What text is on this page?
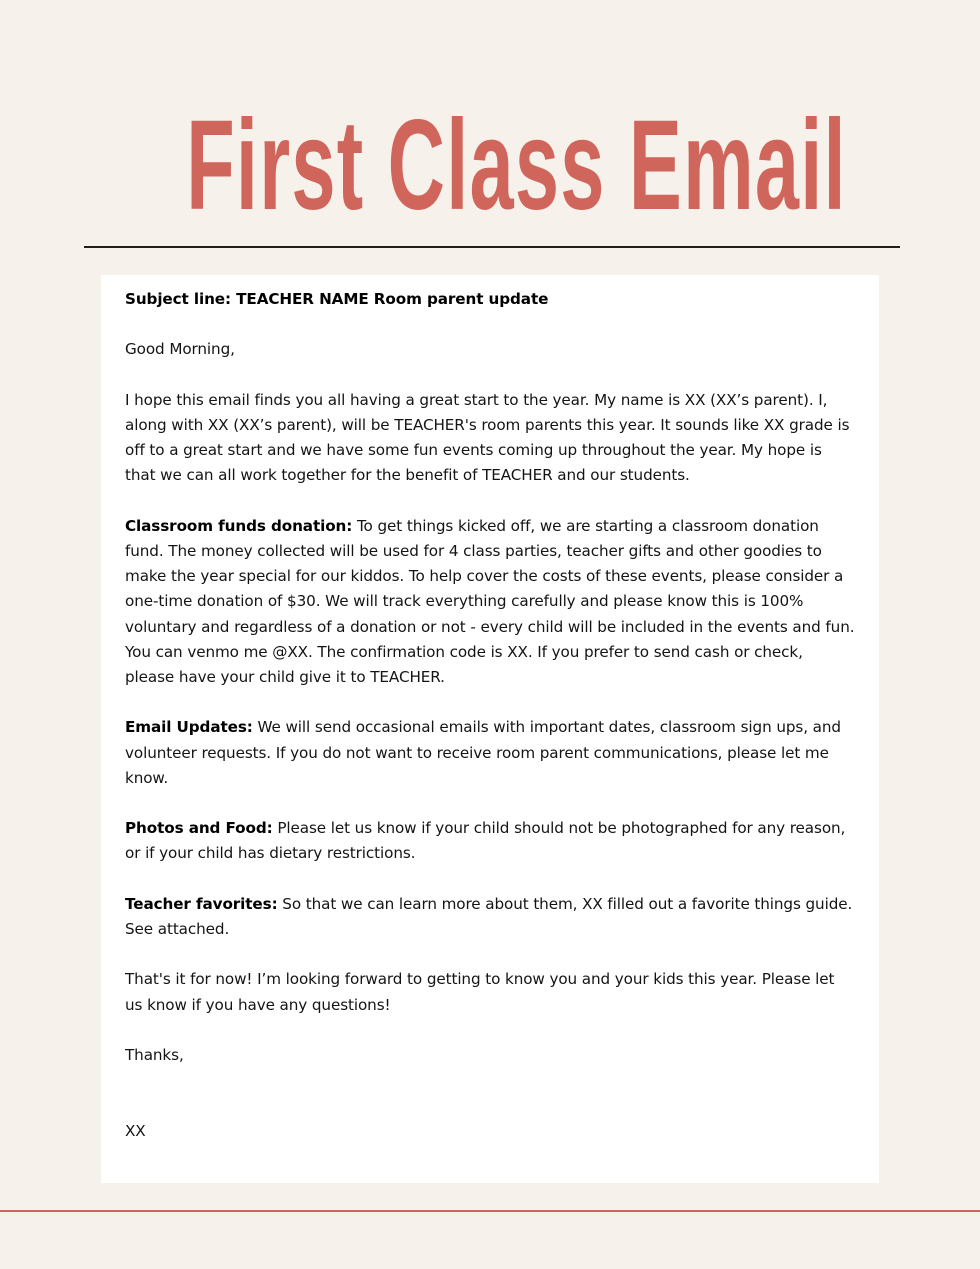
First Class Email

Subject line: TEACHER NAME Room parent update

Good Morning,

I hope this email finds you all having a great start to the year. My name is XX (XX’s parent). I, along with XX (XX’s parent), will be TEACHER's room parents this year. It sounds like XX grade is off to a great start and we have some fun events coming up throughout the year. My hope is that we can all work together for the benefit of TEACHER and our students.

Classroom funds donation: To get things kicked off, we are starting a classroom donation fund. The money collected will be used for 4 class parties, teacher gifts and other goodies to make the year special for our kiddos. To help cover the costs of these events, please consider a one-time donation of $30. We will track everything carefully and please know this is 100% voluntary and regardless of a donation or not - every child will be included in the events and fun. You can venmo me @XX. The confirmation code is XX. If you prefer to send cash or check, please have your child give it to TEACHER.

Email Updates: We will send occasional emails with important dates, classroom sign ups, and volunteer requests. If you do not want to receive room parent communications, please let me know.

Photos and Food: Please let us know if your child should not be photographed for any reason, or if your child has dietary restrictions.

Teacher favorites: So that we can learn more about them, XX filled out a favorite things guide. See attached.

That's it for now! I’m looking forward to getting to know you and your kids this year. Please let us know if you have any questions!

Thanks,

XX
